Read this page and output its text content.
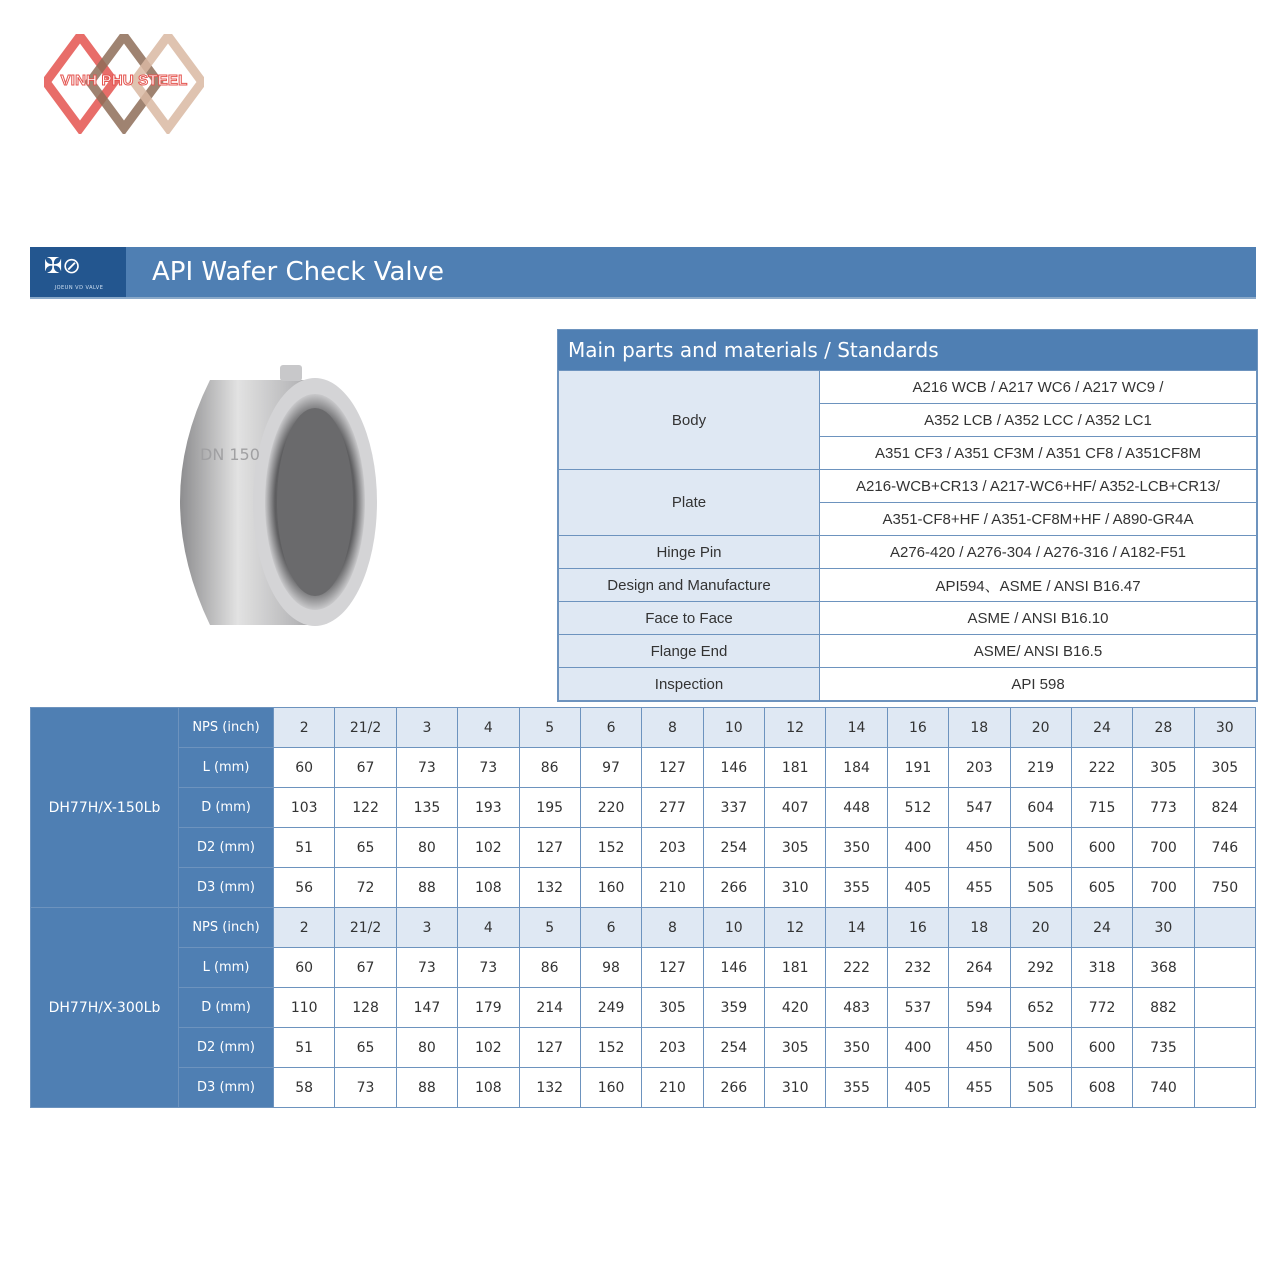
VINH PHU STEEL
✠⊘
JOEUN VD VALVE
API Wafer Check Valve
DN 150
Main parts and materials / Standards
Body	A216 WCB / A217 WC6 / A217 WC9 /
	A352 LCB / A352 LCC / A352 LC1
	A351 CF3 / A351 CF3M / A351 CF8 / A351CF8M
Plate	A216-WCB+CR13 / A217-WC6+HF/ A352-LCB+CR13/
	A351-CF8+HF / A351-CF8M+HF / A890-GR4A
Hinge Pin	A276-420 / A276-304 / A276-316 / A182-F51
Design and Manufacture	API594、ASME / ANSI B16.47
Face to Face	ASME / ANSI B16.10
Flange End	ASME/ ANSI B16.5
Inspection	API 598
DH77H/X-150Lb	NPS (inch)	2	21/2	3	4	5	6	8	10	12	14	16	18	20	24	28	30
	L (mm)	60	67	73	73	86	97	127	146	181	184	191	203	219	222	305	305
	D (mm)	103	122	135	193	195	220	277	337	407	448	512	547	604	715	773	824
	D2 (mm)	51	65	80	102	127	152	203	254	305	350	400	450	500	600	700	746
	D3 (mm)	56	72	88	108	132	160	210	266	310	355	405	455	505	605	700	750
DH77H/X-300Lb	NPS (inch)	2	21/2	3	4	5	6	8	10	12	14	16	18	20	24	30	
	L (mm)	60	67	73	73	86	98	127	146	181	222	232	264	292	318	368	
	D (mm)	110	128	147	179	214	249	305	359	420	483	537	594	652	772	882	
	D2 (mm)	51	65	80	102	127	152	203	254	305	350	400	450	500	600	735	
	D3 (mm)	58	73	88	108	132	160	210	266	310	355	405	455	505	608	740	
